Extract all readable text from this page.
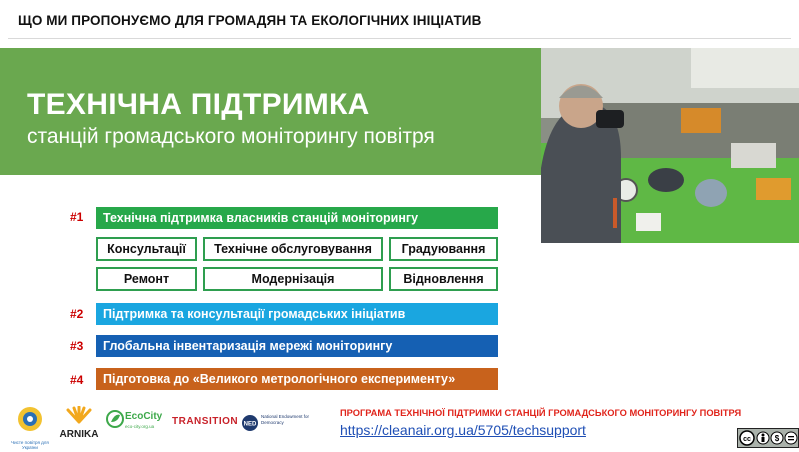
ЩО МИ ПРОПОНУЄМО ДЛЯ ГРОМАДЯН ТА ЕКОЛОГІЧНИХ ІНІЦІАТИВ
ТЕХНІЧНА ПІДТРИМКА
станцій громадського моніторингу повітря
#1	Технічна підтримка власників станцій моніторингу
Консультації	Технічне обслуговування	Градуювання
Ремонт	Модернізація	Відновлення
#2	Підтримка та консультації громадських ініціатив
#3	Глобальна інвентаризація мережі моніторингу
#4	Підготовка до «Великого метрологічного експерименту»
Чисте повітря для України
ARNIKA
EcoCity
eco-city.org.ua TRANSITION NED
National Endowment for Democracy
ПРОГРАМА ТЕХНІЧНОЇ ПІДТРИМКИ СТАНЦІЙ ГРОМАДСЬКОГО МОНІТОРИНГУ ПОВІТРЯ
https://cleanair.org.ua/5705/techsupport
cc	$
